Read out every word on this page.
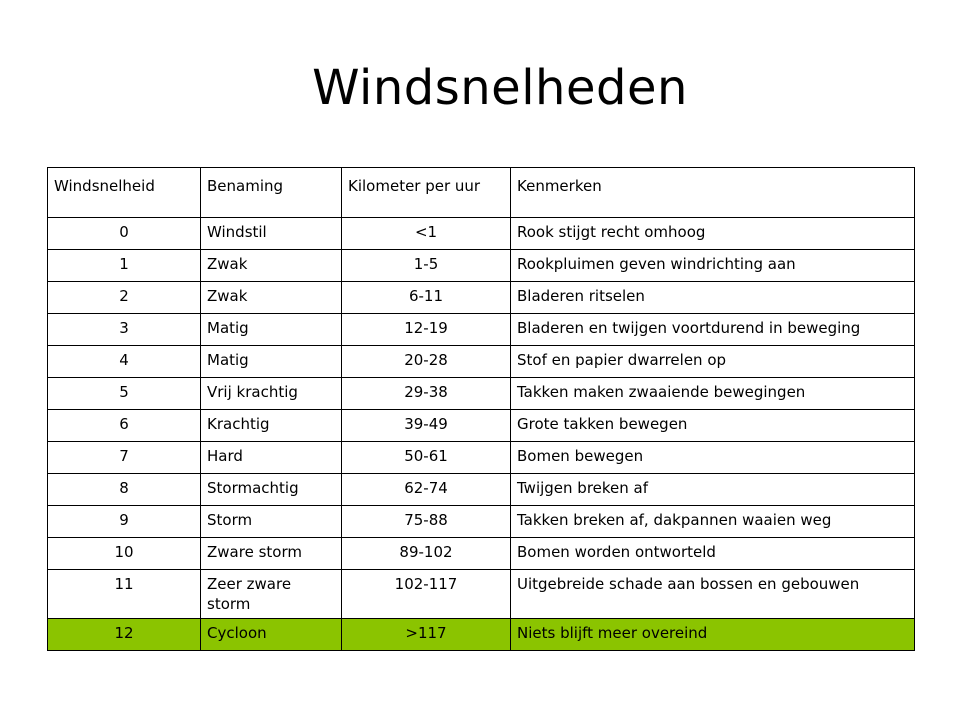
Windsnelheden
Windsnelheid	Benaming	Kilometer per uur	Kenmerken
0	Windstil	<1	Rook stijgt recht omhoog
1	Zwak	1-5	Rookpluimen geven windrichting aan
2	Zwak	6-11	Bladeren ritselen
3	Matig	12-19	Bladeren en twijgen voortdurend in beweging
4	Matig	20-28	Stof en papier dwarrelen op
5	Vrij krachtig	29-38	Takken maken zwaaiende bewegingen
6	Krachtig	39-49	Grote takken bewegen
7	Hard	50-61	Bomen bewegen
8	Stormachtig	62-74	Twijgen breken af
9	Storm	75-88	Takken breken af, dakpannen waaien weg
10	Zware storm	89-102	Bomen worden ontworteld
11	Zeer zware storm	102-117	Uitgebreide schade aan bossen en gebouwen
12	Cycloon	>117	Niets blijft meer overeind
